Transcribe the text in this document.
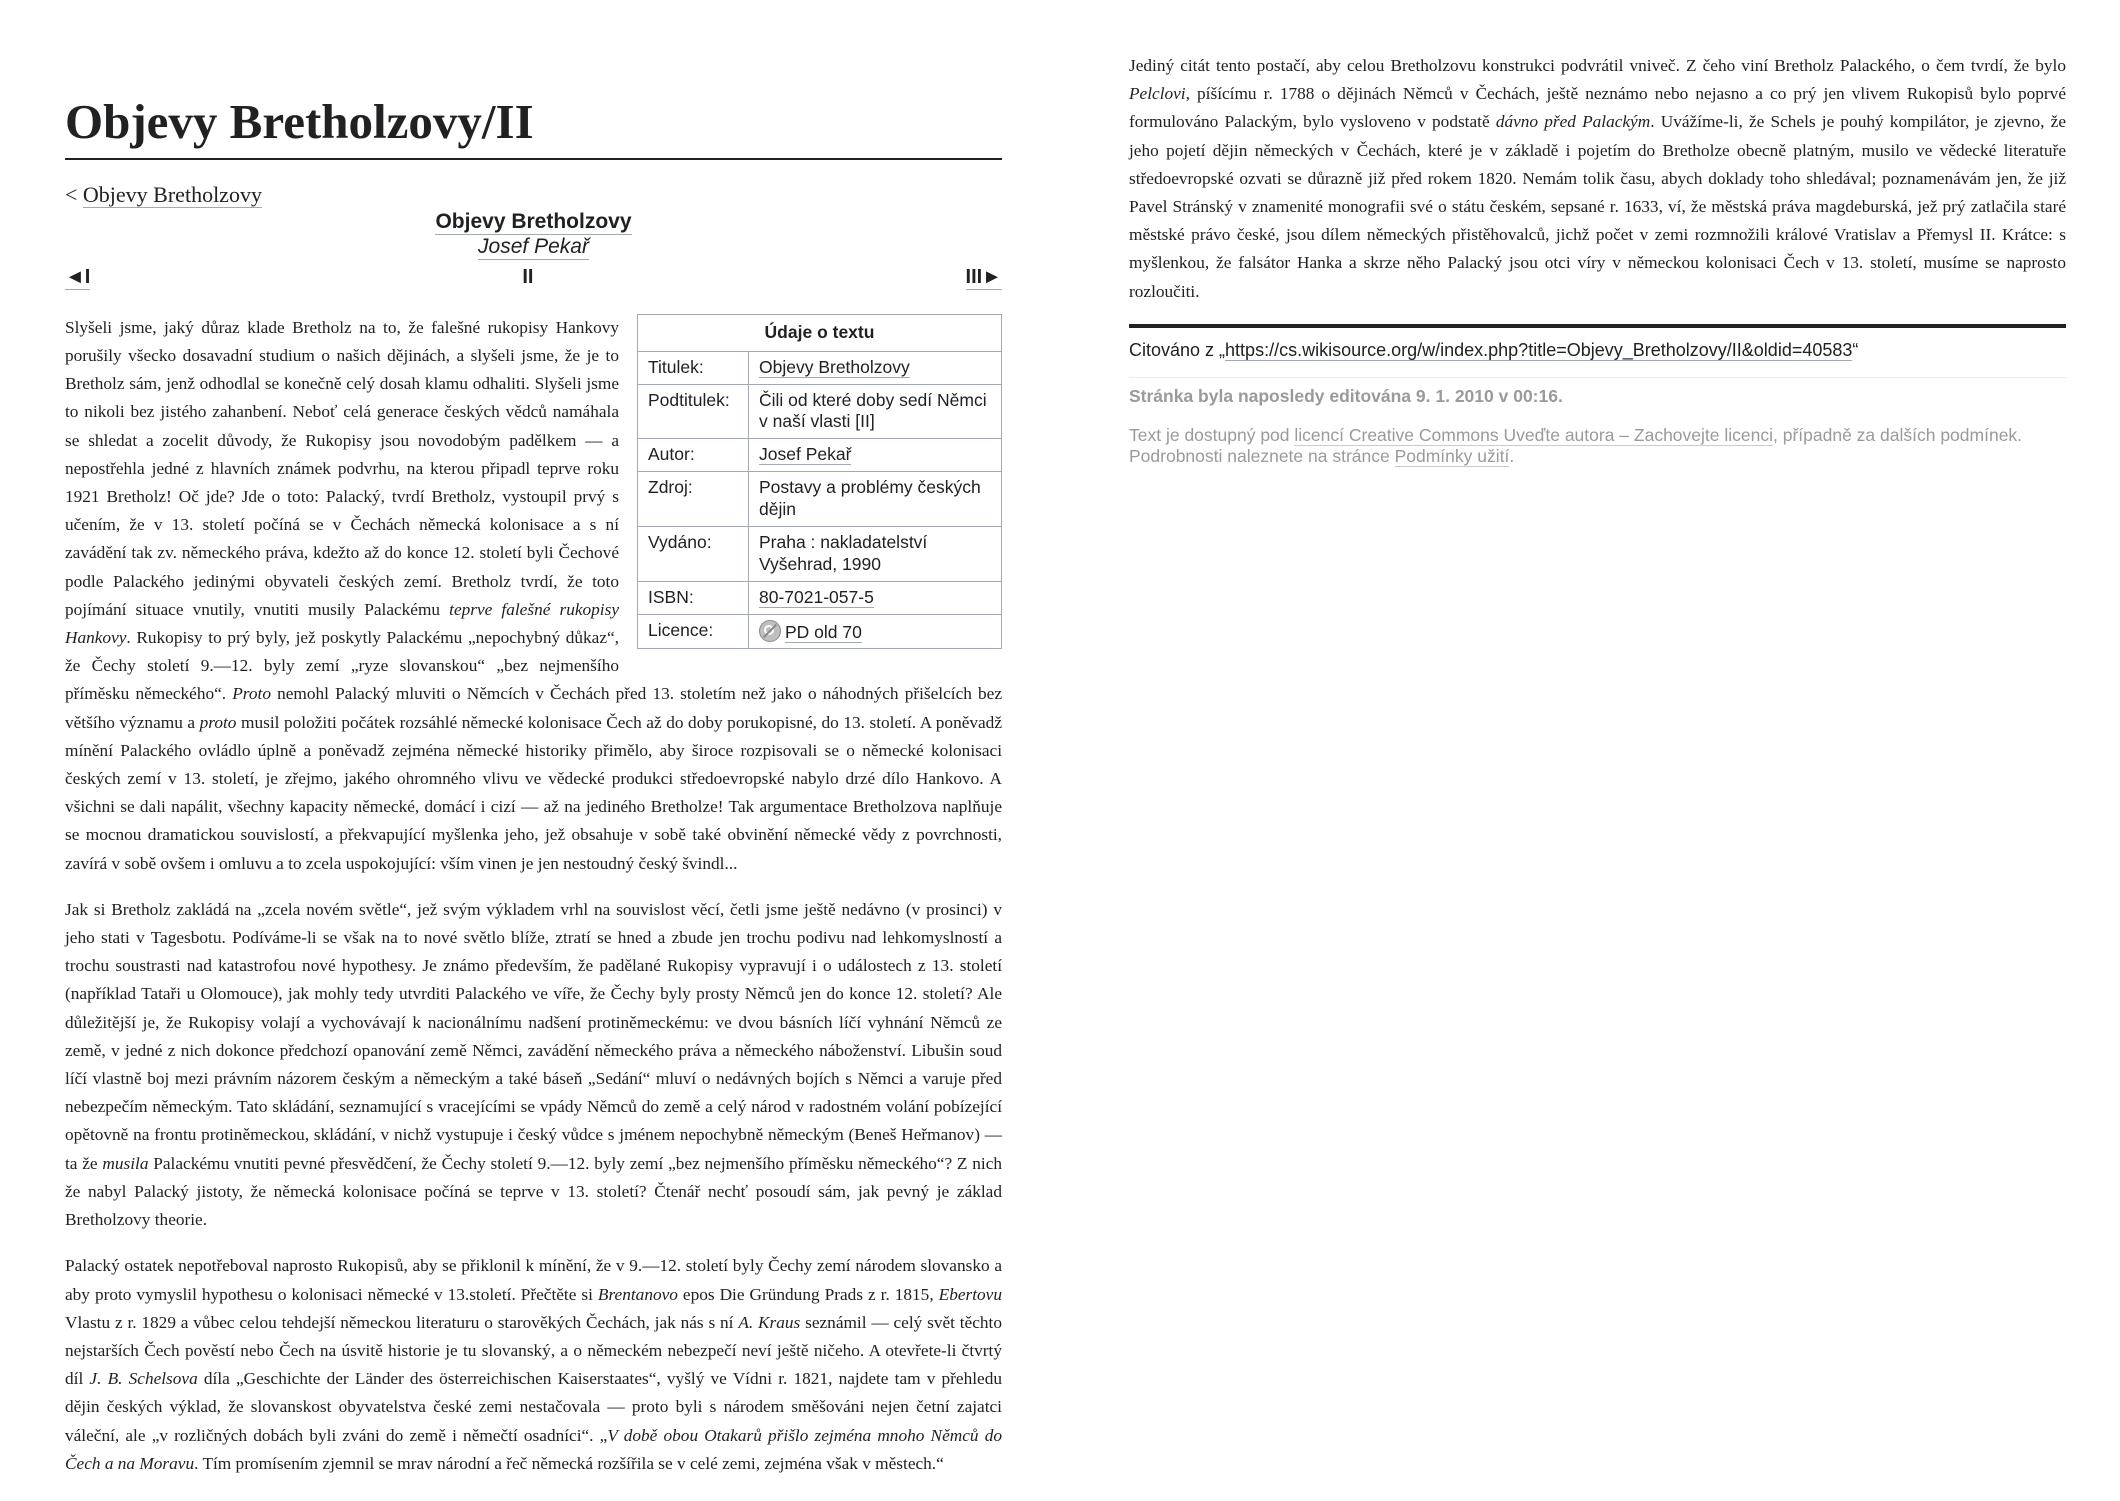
Objevy Bretholzovy/II
< Objevy Bretholzovy
Objevy Bretholzovy
Josef Pekař
◄I	II	III►
Údaje o textu	
Titulek:	Objevy Bretholzovy
Podtitulek:	Čili od které doby sedí Němci v naší vlasti [II]
Autor:	Josef Pekař
Zdroj:	Postavy a problémy českých dějin
Vydáno:	Praha : nakladatelství Vyšehrad, 1990
ISBN:	80-7021-057-5
Licence:	PD old 70

Slyšeli jsme, jaký důraz klade Bretholz na to, že falešné rukopisy Hankovy porušily všecko dosavadní studium o našich dějinách, a slyšeli jsme, že je to Bretholz sám, jenž odhodlal se konečně celý dosah klamu odhaliti. Slyšeli jsme to nikoli bez jistého zahanbení. Neboť celá generace českých vědců namáhala se shledat a zocelit důvody, že Rukopisy jsou novodobým padělkem — a nepostřehla jedné z hlavních známek podvrhu, na kterou připadl teprve roku 1921 Bretholz! Oč jde? Jde o toto: Palacký, tvrdí Bretholz, vystoupil prvý s učením, že v 13. století počíná se v Čechách německá kolonisace a s ní zavádění tak zv. německého práva, kdežto až do konce 12. století byli Čechové podle Palackého jedinými obyvateli českých zemí. Bretholz tvrdí, že toto pojímání situace vnutily, vnutiti musily Palackému teprve falešné rukopisy Hankovy. Rukopisy to prý byly, jež poskytly Palackému „nepochybný důkaz“, že Čechy století 9.—12. byly zemí „ryze slovanskou“ „bez nejmenšího příměsku německého“. Proto nemohl Palacký mluviti o Němcích v Čechách před 13. stoletím než jako o náhodných přišelcích bez většího významu a proto musil položiti počátek rozsáhlé německé kolonisace Čech až do doby porukopisné, do 13. století. A poněvadž mínění Palackého ovládlo úplně a poněvadž zejména německé historiky přimělo, aby široce rozpisovali se o německé kolonisaci českých zemí v 13. století, je zřejmo, jakého ohromného vlivu ve vědecké produkci středoevropské nabylo drzé dílo Hankovo. A všichni se dali napálit, všechny kapacity německé, domácí i cizí — až na jediného Bretholze! Tak argumentace Bretholzova naplňuje se mocnou dramatickou souvislostí, a překvapující myšlenka jeho, jež obsahuje v sobě také obvinění německé vědy z povrchnosti, zavírá v sobě ovšem i omluvu a to zcela uspokojující: vším vinen je jen nestoudný český švindl...

Jak si Bretholz zakládá na „zcela novém světle“, jež svým výkladem vrhl na souvislost věcí, četli jsme ještě nedávno (v prosinci) v jeho stati v Tagesbotu. Podíváme-li se však na to nové světlo blíže, ztratí se hned a zbude jen trochu podivu nad lehkomyslností a trochu soustrasti nad katastrofou nové hypothesy. Je známo především, že padělané Rukopisy vypravují i o událostech z 13. století (například Tataři u Olomouce), jak mohly tedy utvrditi Palackého ve víře, že Čechy byly prosty Němců jen do konce 12. století? Ale důležitější je, že Rukopisy volají a vychovávají k nacionálnímu nadšení protiněmeckému: ve dvou básních líčí vyhnání Němců ze země, v jedné z nich dokonce předchozí opanování země Němci, zavádění německého práva a německého náboženství. Libušin soud líčí vlastně boj mezi právním názorem českým a německým a také báseň „Sedání“ mluví o nedávných bojích s Němci a varuje před nebezpečím německým. Tato skládání, seznamující s vracejícími se vpády Němců do země a celý národ v radostném volání pobízející opětovně na frontu protiněmeckou, skládání, v nichž vystupuje i český vůdce s jménem nepochybně německým (Beneš Heřmanov) — ta že musila Palackému vnutiti pevné přesvědčení, že Čechy století 9.—12. byly zemí „bez nejmenšího příměsku německého“? Z nich že nabyl Palacký jistoty, že německá kolonisace počíná se teprve v 13. století? Čtenář nechť posoudí sám, jak pevný je základ Bretholzovy theorie.

Palacký ostatek nepotřeboval naprosto Rukopisů, aby se přiklonil k mínění, že v 9.—12. století byly Čechy zemí národem slovansko a aby proto vymyslil hypothesu o kolonisaci německé v 13.století. Přečtěte si Brentanovo epos Die Gründung Prads z r. 1815, Ebertovu Vlastu z r. 1829 a vůbec celou tehdejší německou literaturu o starověkých Čechách, jak nás s ní A. Kraus seznámil — celý svět těchto nejstarších Čech pověstí nebo Čech na úsvitě historie je tu slovanský, a o německém nebezpečí neví ještě ničeho. A otevřete-li čtvrtý díl J. B. Schelsova díla „Geschichte der Länder des österreichischen Kaiserstaates“, vyšlý ve Vídni r. 1821, najdete tam v přehledu dějin českých výklad, že slovanskost obyvatelstva české zemi nestačovala — proto byli s národem směšováni nejen četní zajatci váleční, ale „v rozličných dobách byli zváni do země i němečtí osadníci“. „V době obou Otakarů přišlo zejména mnoho Němců do Čech a na Moravu. Tím promísením zjemnil se mrav národní a řeč německá rozšířila se v celé zemi, zejména však v městech.“

Jediný citát tento postačí, aby celou Bretholzovu konstrukci podvrátil vniveč. Z čeho viní Bretholz Palackého, o čem tvrdí, že bylo Pelclovi, píšícímu r. 1788 o dějinách Němců v Čechách, ještě neznámo nebo nejasno a co prý jen vlivem Rukopisů bylo poprvé formulováno Palackým, bylo vysloveno v podstatě dávno před Palackým. Uvážíme-li, že Schels je pouhý kompilátor, je zjevno, že jeho pojetí dějin německých v Čechách, které je v základě i pojetím do Bretholze obecně platným, musilo ve vědecké literatuře středoevropské ozvati se důrazně již před rokem 1820. Nemám tolik času, abych doklady toho shledával; poznamenávám jen, že již Pavel Stránský v znamenité monografii své o státu českém, sepsané r. 1633, ví, že městská práva magdeburská, jež prý zatlačila staré městské právo české, jsou dílem německých přistěhovalců, jichž počet v zemi rozmnožili králové Vratislav a Přemysl II. Krátce: s myšlenkou, že falsátor Hanka a skrze něho Palacký jsou otci víry v německou kolonisaci Čech v 13. století, musíme se naprosto rozloučiti.

Citováno z „https://cs.wikisource.org/w/index.php?title=Objevy_Bretholzovy/II&oldid=40583“
Stránka byla naposledy editována 9. 1. 2010 v 00:16.
Text je dostupný pod licencí Creative Commons Uveďte autora – Zachovejte licenci, případně za dalších podmínek. Podrobnosti naleznete na stránce Podmínky užití.
